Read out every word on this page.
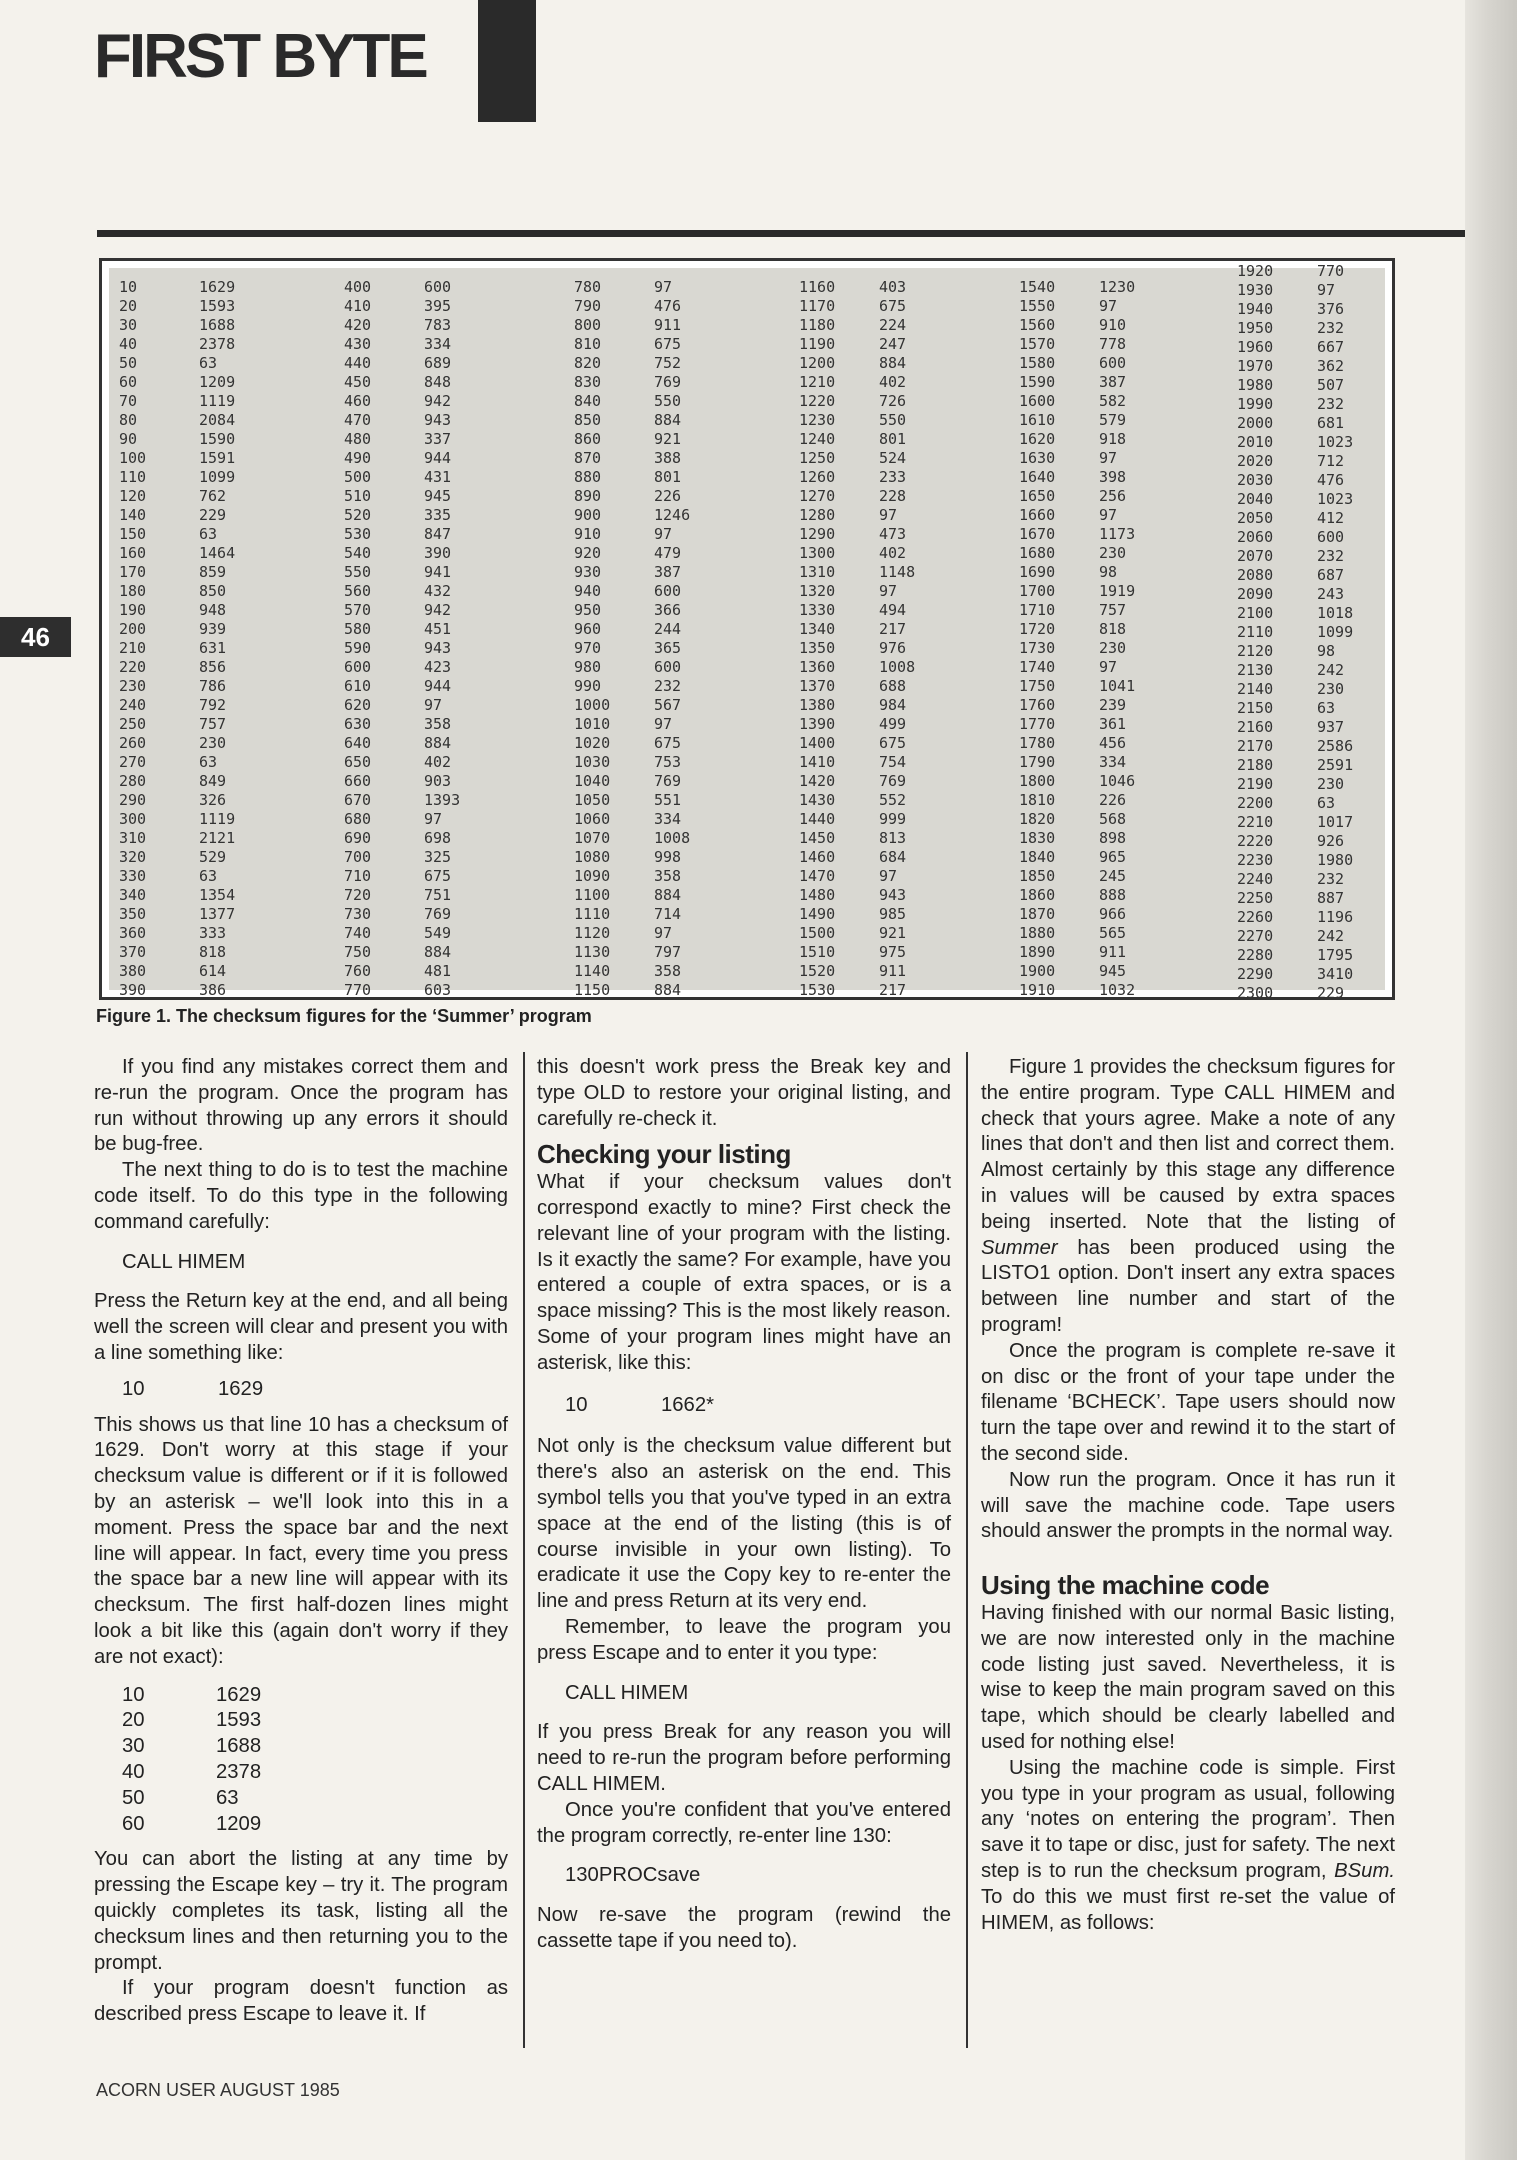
FIRST BYTE
46
10	1629
20	1593
30	1688
40	2378
50	63
60	1209
70	1119
80	2084
90	1590
100	1591
110	1099
120	762
140	229
150	63
160	1464
170	859
180	850
190	948
200	939
210	631
220	856
230	786
240	792
250	757
260	230
270	63
280	849
290	326
300	1119
310	2121
320	529
330	63
340	1354
350	1377
360	333
370	818
380	614
390	386
400	600
410	395
420	783
430	334
440	689
450	848
460	942
470	943
480	337
490	944
500	431
510	945
520	335
530	847
540	390
550	941
560	432
570	942
580	451
590	943
600	423
610	944
620	97
630	358
640	884
650	402
660	903
670	1393
680	97
690	698
700	325
710	675
720	751
730	769
740	549
750	884
760	481
770	603
780	97
790	476
800	911
810	675
820	752
830	769
840	550
850	884
860	921
870	388
880	801
890	226
900	1246
910	97
920	479
930	387
940	600
950	366
960	244
970	365
980	600
990	232
1000	567
1010	97
1020	675
1030	753
1040	769
1050	551
1060	334
1070	1008
1080	998
1090	358
1100	884
1110	714
1120	97
1130	797
1140	358
1150	884
1160	403
1170	675
1180	224
1190	247
1200	884
1210	402
1220	726
1230	550
1240	801
1250	524
1260	233
1270	228
1280	97
1290	473
1300	402
1310	1148
1320	97
1330	494
1340	217
1350	976
1360	1008
1370	688
1380	984
1390	499
1400	675
1410	754
1420	769
1430	552
1440	999
1450	813
1460	684
1470	97
1480	943
1490	985
1500	921
1510	975
1520	911
1530	217
1540	1230
1550	97
1560	910
1570	778
1580	600
1590	387
1600	582
1610	579
1620	918
1630	97
1640	398
1650	256
1660	97
1670	1173
1680	230
1690	98
1700	1919
1710	757
1720	818
1730	230
1740	97
1750	1041
1760	239
1770	361
1780	456
1790	334
1800	1046
1810	226
1820	568
1830	898
1840	965
1850	245
1860	888
1870	966
1880	565
1890	911
1900	945
1910	1032
1920	770
1930	97
1940	376
1950	232
1960	667
1970	362
1980	507
1990	232
2000	681
2010	1023
2020	712
2030	476
2040	1023
2050	412
2060	600
2070	232
2080	687
2090	243
2100	1018
2110	1099
2120	98
2130	242
2140	230
2150	63
2160	937
2170	2586
2180	2591
2190	230
2200	63
2210	1017
2220	926
2230	1980
2240	232
2250	887
2260	1196
2270	242
2280	1795
2290	3410
2300	229
Figure 1. The checksum figures for the ‘Summer’ program

If you find any mistakes correct them and re-run the program. Once the program has run without throwing up any errors it should be bug-free.

The next thing to do is to test the machine code itself. To do this type in the following command carefully:

CALL HIMEM

Press the Return key at the end, and all being well the screen will clear and present you with a line something like:

10	1629

This shows us that line 10 has a checksum of 1629. Don't worry at this stage if your checksum value is different or if it is followed by an asterisk – we'll look into this in a moment. Press the space bar and the next line will appear. In fact, every time you press the space bar a new line will appear with its checksum. The first half-dozen lines might look a bit like this (again don't worry if they are not exact):

10	1629
20	1593
30	1688
40	2378
50	63
60	1209

You can abort the listing at any time by pressing the Escape key – try it. The program quickly completes its task, listing all the checksum lines and then returning you to the prompt.

If your program doesn't function as described press Escape to leave it. If

this doesn't work press the Break key and type OLD to restore your original listing, and carefully re-check it.

Checking your listing

What if your checksum values don't correspond exactly to mine? First check the relevant line of your program with the listing. Is it exactly the same? For example, have you entered a couple of extra spaces, or is a space missing? This is the most likely reason. Some of your program lines might have an asterisk, like this:

10	1662*

Not only is the checksum value different but there's also an asterisk on the end. This symbol tells you that you've typed in an extra space at the end of the listing (this is of course invisible in your own listing). To eradicate it use the Copy key to re-enter the line and press Return at its very end.

Remember, to leave the program you press Escape and to enter it you type:

CALL HIMEM

If you press Break for any reason you will need to re-run the program before performing CALL HIMEM.

Once you're confident that you've entered the program correctly, re-enter line 130:

130PROCsave

Now re-save the program (rewind the cassette tape if you need to).

Figure 1 provides the checksum figures for the entire program. Type CALL HIMEM and check that yours agree. Make a note of any lines that don't and then list and correct them. Almost certainly by this stage any difference in values will be caused by extra spaces being inserted. Note that the listing of Summer has been produced using the LISTO1 option. Don't insert any extra spaces between line number and start of the program!

Once the program is complete re-save it on disc or the front of your tape under the filename ‘BCHECK’. Tape users should now turn the tape over and rewind it to the start of the second side.

Now run the program. Once it has run it will save the machine code. Tape users should answer the prompts in the normal way.

Using the machine code

Having finished with our normal Basic listing, we are now interested only in the machine code listing just saved. Nevertheless, it is wise to keep the main program saved on this tape, which should be clearly labelled and used for nothing else!

Using the machine code is simple. First you type in your program as usual, following any ‘notes on entering the program’. Then save it to tape or disc, just for safety. The next step is to run the checksum program, BSum. To do this we must first re-set the value of HIMEM, as follows:

ACORN USER AUGUST 1985
